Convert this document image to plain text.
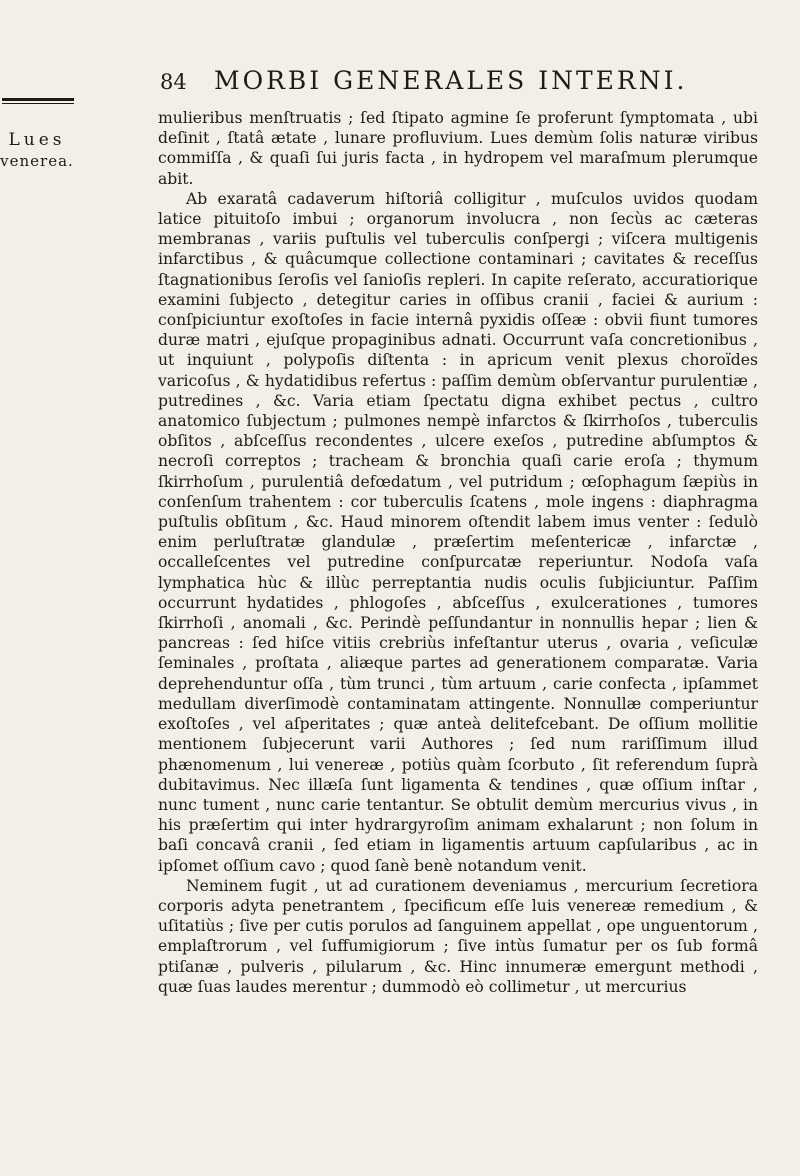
84 MORBI GENERALES INTERNI.
Lues
venerea.

mulieribus menſtruatis ; ſed ſtipato agmine ſe proferunt ſymptomata , ubi deſinit , ſtatâ ætate , lunare profluvium. Lues demùm ſolis naturæ viribus commiſſa , & quaſi ſui juris facta , in hydropem vel maraſmum plerumque abit.

Ab exaratâ cadaverum hiſtoriâ colligitur , muſculos uvidos quodam latice pituitoſo imbui ; organorum involucra , non ſecùs ac cæteras membranas , variis puſtulis vel tuberculis conſpergi ; viſcera multigenis infarctibus , & quâcumque collectione contaminari ; cavitates & receſſus ſtagnationibus ſeroſis vel ſanioſis repleri. In capite reſerato, accuratiorique examini ſubjecto , detegitur caries in oſſibus cranii , faciei & aurium : conſpiciuntur exoſtoſes in facie internâ pyxidis oſſeæ : obvii fiunt tumores duræ matri , ejuſque propaginibus adnati. Occurrunt vaſa concretionibus , ut inquiunt , polypoſis diſtenta : in apricum venit plexus choroïdes varicoſus , & hydatidibus refertus : paſſim demùm obſervantur purulentiæ , putredines , &c. Varia etiam ſpectatu digna exhibet pectus , cultro anatomico ſubjectum ; pulmones nempè infarctos & ſkirrhoſos , tuberculis obſitos , abſceſſus recondentes , ulcere exeſos , putredine abſumptos & necroſi correptos ; tracheam & bronchia quaſi carie eroſa ; thymum ſkirrhoſum , purulentiâ defœdatum , vel putridum ; œſophagum ſæpiùs in conſenſum trahentem : cor tuberculis ſcatens , mole ingens : diaphragma puſtulis obſitum , &c. Haud minorem oſtendit labem imus venter : ſedulò enim perluſtratæ glandulæ , præſertim meſentericæ , infarctæ , occalleſcentes vel putredine conſpurcatæ reperiuntur. Nodoſa vaſa lymphatica hùc & illùc perreptantia nudis oculis ſubjiciuntur. Paſſim occurrunt hydatides , phlogoſes , abſceſſus , exulcerationes , tumores ſkirrhoſi , anomali , &c. Perindè peſſundantur in nonnullis hepar ; lien & pancreas : ſed hiſce vitiis crebriùs infeſtantur uterus , ovaria , veſiculæ ſeminales , proſtata , aliæque partes ad generationem comparatæ. Varia deprehenduntur oſſa , tùm trunci , tùm artuum , carie confecta , ipſammet medullam diverſimodè contaminatam attingente. Nonnullæ comperiuntur exoſtoſes , vel aſperitates ; quæ anteà delitefcebant. De oſſium mollitie mentionem ſubjecerunt varii Authores ; ſed num rariſſimum illud phænomenum , lui venereæ , potiùs quàm ſcorbuto , ſit referendum ſuprà dubitavimus. Nec illæſa ſunt ligamenta & tendines , quæ oſſium inſtar , nunc tument , nunc carie tentantur. Se obtulit demùm mercurius vivus , in his præſertim qui inter hydrargyroſim animam exhalarunt ; non ſolum in baſi concavâ cranii , ſed etiam in ligamentis artuum capſularibus , ac in ipſomet oſſium cavo ; quod ſanè benè notandum venit.

Neminem fugit , ut ad curationem deveniamus , mercurium ſecretiora corporis adyta penetrantem , ſpecificum eſſe luis venereæ remedium , & uſitatiùs ; ſive per cutis porulos ad ſanguinem appellat , ope unguentorum , emplaſtrorum , vel ſuffumigiorum ; ſive intùs ſumatur per os ſub formâ ptiſanæ , pulveris , pilularum , &c. Hinc innumeræ emergunt methodi , quæ ſuas laudes merentur ; dummodò eò collimetur , ut mercurius
